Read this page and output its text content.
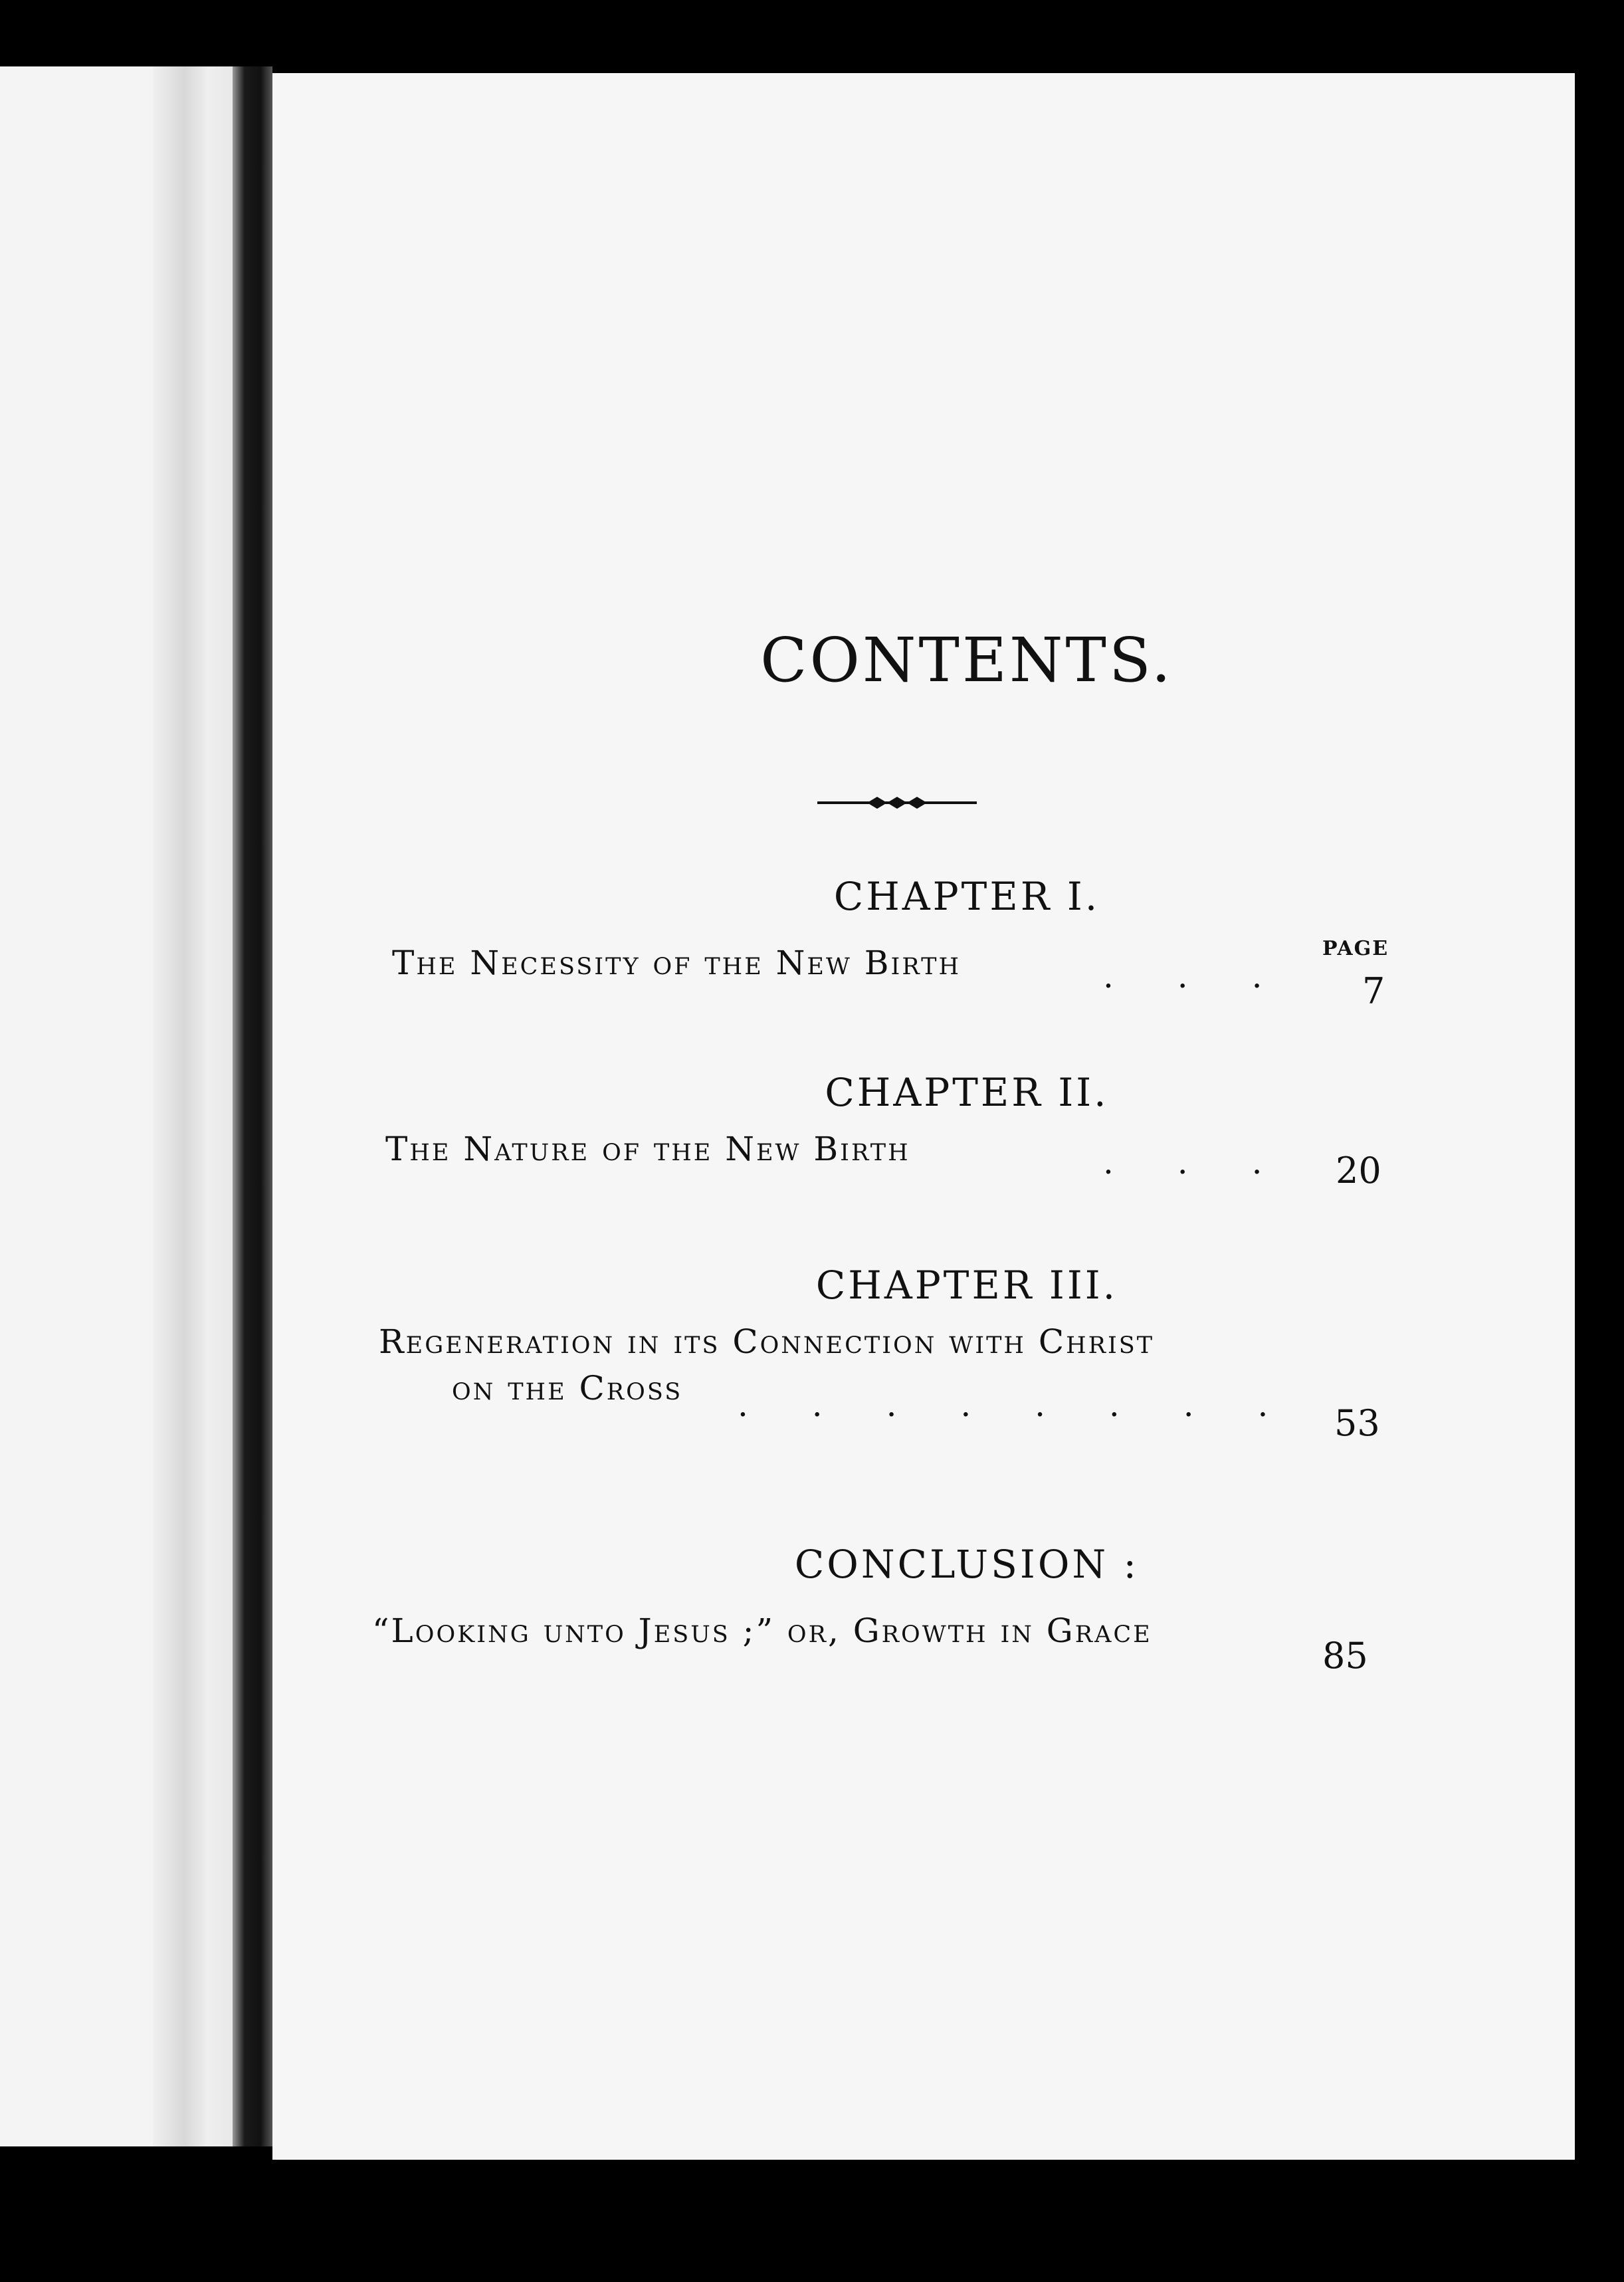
CONTENTS.
CHAPTER I.
PAGE
The Necessity of the New Birth	. . . 7
CHAPTER II.
The Nature of the New Birth	. . . 20
CHAPTER III.
Regeneration in its Connection with Christ
on the Cross . . . . . . . . 53
CONCLUSION :
“Looking unto Jesus ;” or, Growth in Grace
85
